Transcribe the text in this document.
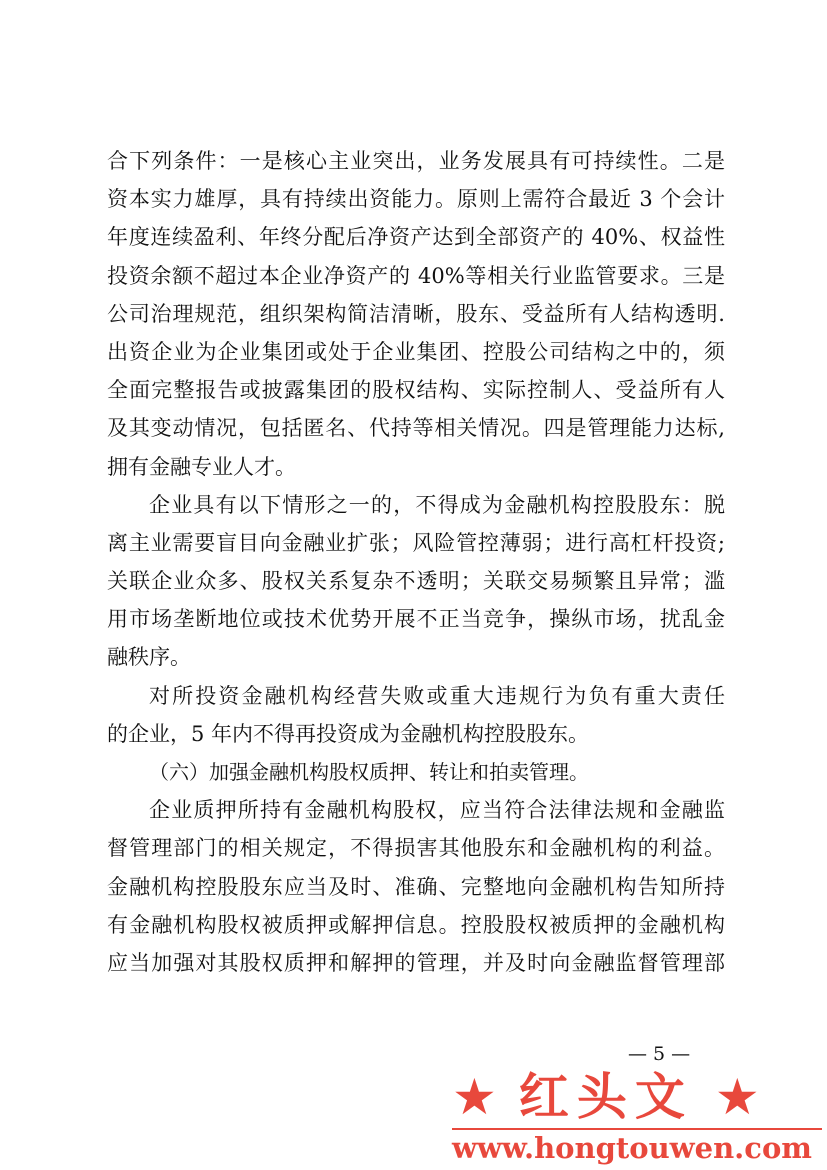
合下列条件：一是核心主业突出，业务发展具有可持续性。二是
资本实力雄厚，具有持续出资能力。原则上需符合最近 3 个会计
年度连续盈利、年终分配后净资产达到全部资产的 40%、权益性
投资余额不超过本企业净资产的 40%等相关行业监管要求。三是
公司治理规范，组织架构简洁清晰，股东、受益所有人结构透明.
出资企业为企业集团或处于企业集团、控股公司结构之中的，须
全面完整报告或披露集团的股权结构、实际控制人、受益所有人
及其变动情况，包括匿名、代持等相关情况。四是管理能力达标,
拥有金融专业人才。
企业具有以下情形之一的，不得成为金融机构控股股东：脱
离主业需要盲目向金融业扩张；风险管控薄弱；进行高杠杆投资;
关联企业众多、股权关系复杂不透明；关联交易频繁且异常；滥
用市场垄断地位或技术优势开展不正当竞争，操纵市场，扰乱金
融秩序。
对所投资金融机构经营失败或重大违规行为负有重大责任
的企业，5 年内不得再投资成为金融机构控股股东。
（六）加强金融机构股权质押、转让和拍卖管理。
企业质押所持有金融机构股权，应当符合法律法规和金融监
督管理部门的相关规定，不得损害其他股东和金融机构的利益。
金融机构控股股东应当及时、准确、完整地向金融机构告知所持
有金融机构股权被质押或解押信息。控股股权被质押的金融机构
应当加强对其股权质押和解押的管理，并及时向金融监督管理部
— 5 —
★ 红头文 ★
www.hongtouwen.com
